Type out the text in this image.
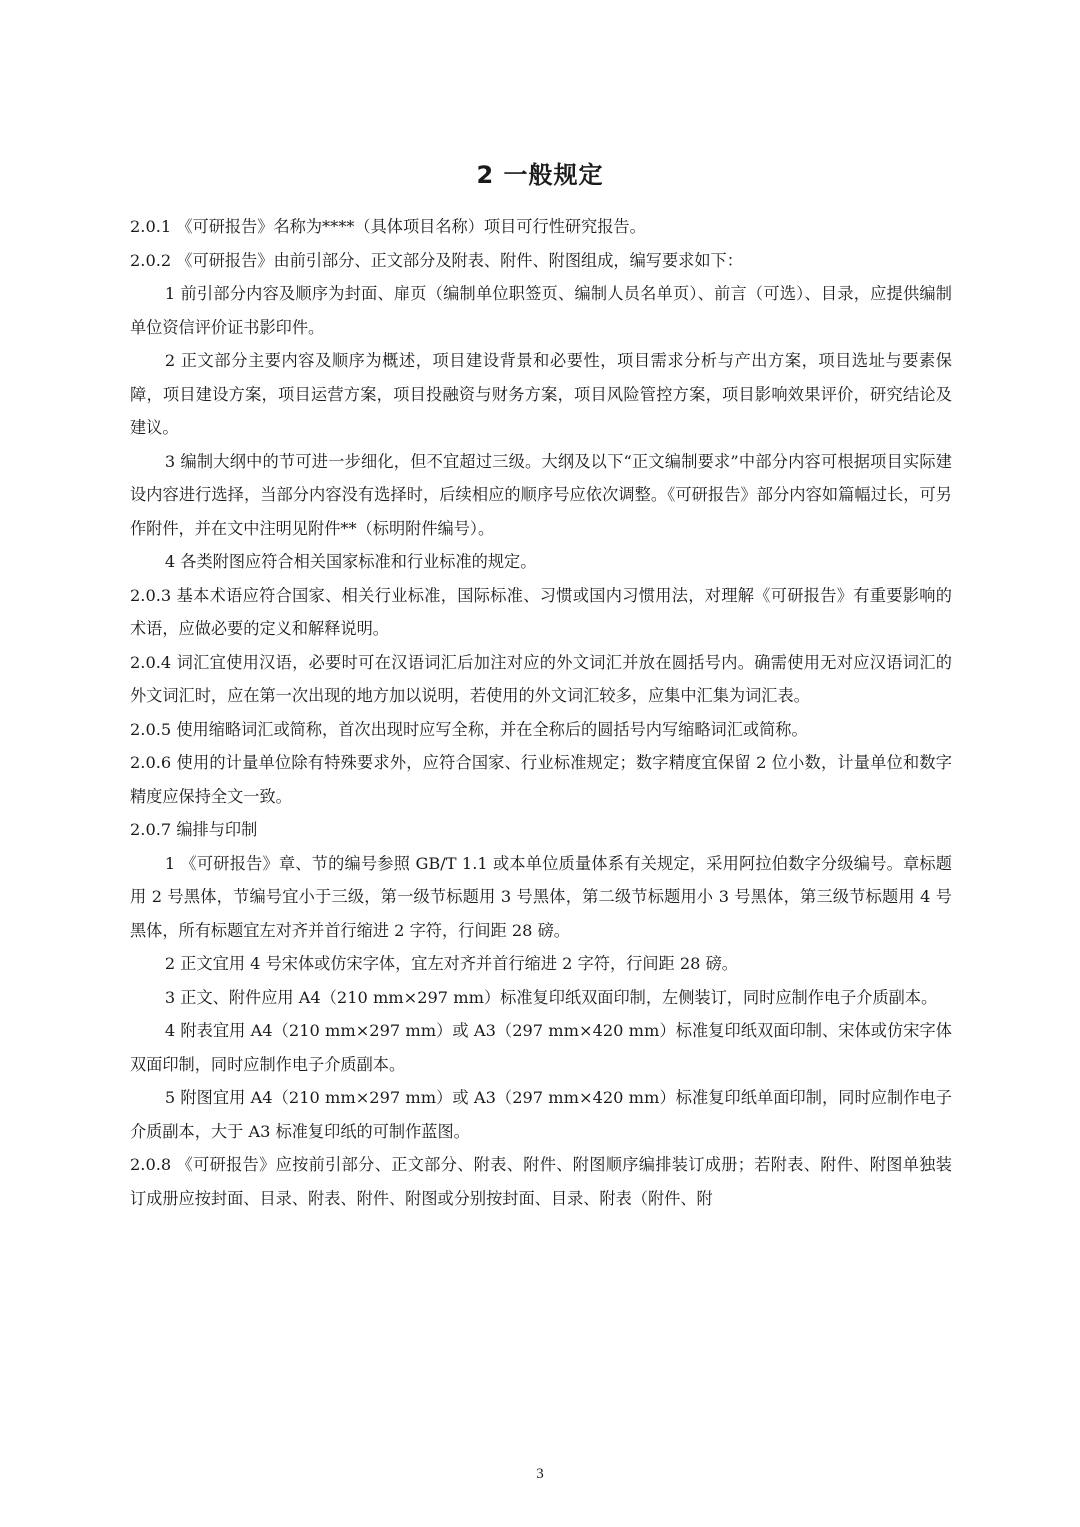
2 一般规定

2.0.1 《可研报告》名称为****（具体项目名称）项目可行性研究报告。

2.0.2 《可研报告》由前引部分、正文部分及附表、附件、附图组成，编写要求如下：

1 前引部分内容及顺序为封面、扉页（编制单位职签页、编制人员名单页）、前言（可选）、目录，应提供编制单位资信评价证书影印件。

2 正文部分主要内容及顺序为概述，项目建设背景和必要性，项目需求分析与产出方案，项目选址与要素保障，项目建设方案，项目运营方案，项目投融资与财务方案，项目风险管控方案，项目影响效果评价，研究结论及建议。

3 编制大纲中的节可进一步细化，但不宜超过三级。大纲及以下“正文编制要求”中部分内容可根据项目实际建设内容进行选择，当部分内容没有选择时，后续相应的顺序号应依次调整。《可研报告》部分内容如篇幅过长，可另作附件，并在文中注明见附件**（标明附件编号）。

4 各类附图应符合相关国家标准和行业标准的规定。

2.0.3 基本术语应符合国家、相关行业标准，国际标准、习惯或国内习惯用法，对理解《可研报告》有重要影响的术语，应做必要的定义和解释说明。

2.0.4 词汇宜使用汉语，必要时可在汉语词汇后加注对应的外文词汇并放在圆括号内。确需使用无对应汉语词汇的外文词汇时，应在第一次出现的地方加以说明，若使用的外文词汇较多，应集中汇集为词汇表。

2.0.5 使用缩略词汇或简称，首次出现时应写全称，并在全称后的圆括号内写缩略词汇或简称。

2.0.6 使用的计量单位除有特殊要求外，应符合国家、行业标准规定；数字精度宜保留 2 位小数，计量单位和数字精度应保持全文一致。

2.0.7 编排与印制

1 《可研报告》章、节的编号参照 GB/T 1.1 或本单位质量体系有关规定，采用阿拉伯数字分级编号。章标题用 2 号黑体，节编号宜小于三级，第一级节标题用 3 号黑体，第二级节标题用小 3 号黑体，第三级节标题用 4 号黑体，所有标题宜左对齐并首行缩进 2 字符，行间距 28 磅。

2 正文宜用 4 号宋体或仿宋字体，宜左对齐并首行缩进 2 字符，行间距 28 磅。

3 正文、附件应用 A4（210 mm×297 mm）标准复印纸双面印制，左侧装订，同时应制作电子介质副本。

4 附表宜用 A4（210 mm×297 mm）或 A3（297 mm×420 mm）标准复印纸双面印制、宋体或仿宋字体双面印制，同时应制作电子介质副本。

5 附图宜用 A4（210 mm×297 mm）或 A3（297 mm×420 mm）标准复印纸单面印制，同时应制作电子介质副本，大于 A3 标准复印纸的可制作蓝图。

2.0.8 《可研报告》应按前引部分、正文部分、附表、附件、附图顺序编排装订成册；若附表、附件、附图单独装订成册应按封面、目录、附表、附件、附图或分别按封面、目录、附表（附件、附

3
